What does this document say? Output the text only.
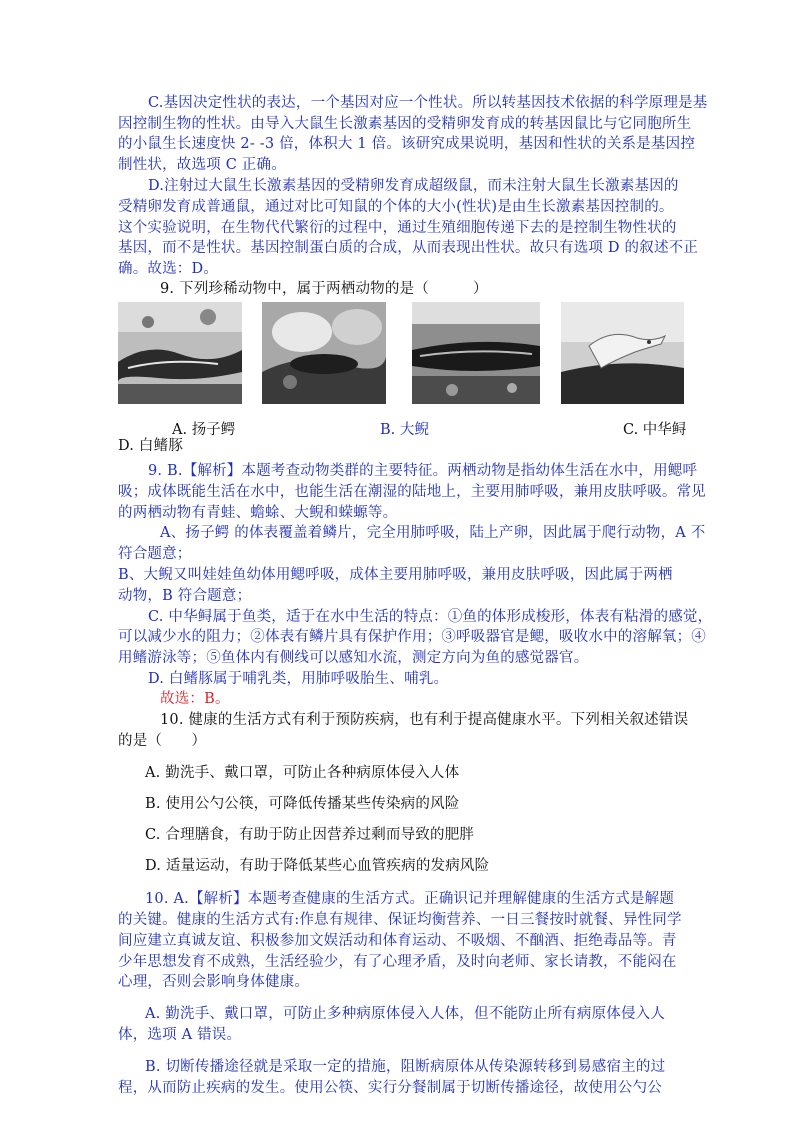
C.基因决定性状的表达，一个基因对应一个性状。所以转基因技术依据的科学原理是基
因控制生物的性状。由导入大鼠生长激素基因的受精卵发育成的转基因鼠比与它同胞所生
的小鼠生长速度快 2- -3 倍，体积大 1 倍。该研究成果说明，基因和性状的关系是基因控
制性状，故选项 C 正确。
D.注射过大鼠生长激素基因的受精卵发育成超级鼠，而未注射大鼠生长激素基因的
受精卵发育成普通鼠，通过对比可知鼠的个体的大小(性状)是由生长激素基因控制的。
这个实验说明，在生物代代繁衍的过程中，通过生殖细胞传递下去的是控制生物性状的
基因，而不是性状。基因控制蛋白质的合成，从而表现出性状。故只有选项 D 的叙述不正
确。故选：D。
9. 下列珍稀动物中，属于两栖动物的是（　　　）
A. 扬子鳄	B. 大鲵	C. 中华鲟
D. 白鳍豚
9. B.【解析】本题考查动物类群的主要特征。两栖动物是指幼体生活在水中，用鳃呼
吸；成体既能生活在水中，也能生活在潮湿的陆地上，主要用肺呼吸，兼用皮肤呼吸。常见
的两栖动物有青蛙、蟾蜍、大鲵和蝾螈等。
A、扬子鳄 的体表覆盖着鳞片，完全用肺呼吸，陆上产卵，因此属于爬行动物，A 不
符合题意；
B、大鲵又叫娃娃鱼幼体用鳃呼吸，成体主要用肺呼吸，兼用皮肤呼吸，因此属于两栖
动物，B 符合题意；
C. 中华鲟属于鱼类，适于在水中生活的特点：①鱼的体形成梭形，体表有粘滑的感觉，
可以减少水的阻力；②体表有鳞片具有保护作用；③呼吸器官是鳃，吸收水中的溶解氧；④
用鳍游泳等；⑤鱼体内有侧线可以感知水流，测定方向为鱼的感觉器官。
D. 白鳍豚属于哺乳类，用肺呼吸胎生、哺乳。
故选：B。
10. 健康的生活方式有利于预防疾病，也有利于提高健康水平。下列相关叙述错误
的是（　　）
A. 勤洗手、戴口罩，可防止各种病原体侵入人体
B. 使用公勺公筷，可降低传播某些传染病的风险
C. 合理膳食，有助于防止因营养过剩而导致的肥胖
D. 适量运动，有助于降低某些心血管疾病的发病风险
10. A.【解析】本题考查健康的生活方式。正确识记并理解健康的生活方式是解题
的关键。健康的生活方式有:作息有规律、保证均衡营养、一日三餐按时就餐、异性同学
间应建立真诚友谊、积极参加文娱活动和体育运动、不吸烟、不酗酒、拒绝毒品等。青
少年思想发育不成熟，生活经验少，有了心理矛盾，及时向老师、家长请教，不能闷在
心理，否则会影响身体健康。
A. 勤洗手、戴口罩，可防止多种病原体侵入人体，但不能防止所有病原体侵入人
体，选项 A 错误。
B. 切断传播途径就是采取一定的措施，阻断病原体从传染源转移到易感宿主的过
程，从而防止疾病的发生。使用公筷、实行分餐制属于切断传播途径，故使用公勺公
